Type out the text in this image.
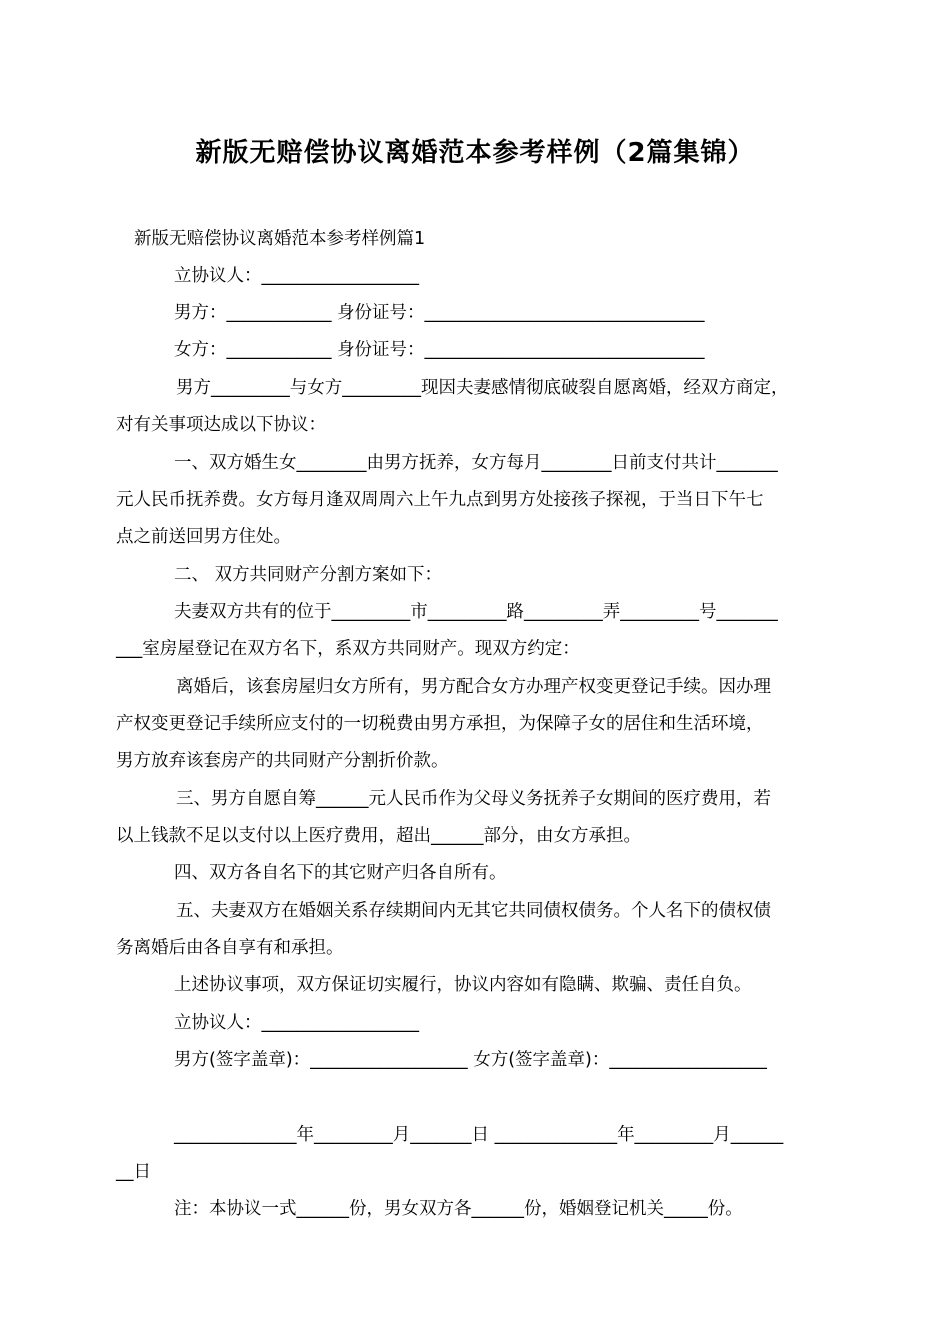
新版无赔偿协议离婚范本参考样例（2篇集锦）
新版无赔偿协议离婚范本参考样例篇1
立协议人：__________________
男方：____________ 身份证号：________________________________
女方：____________ 身份证号：________________________________
男方_________与女方_________现因夫妻感情彻底破裂自愿离婚，经双方商定，
对有关事项达成以下协议：
一、双方婚生女________由男方抚养，女方每月________日前支付共计_______
元人民币抚养费。女方每月逢双周周六上午九点到男方处接孩子探视，于当日下午七
点之前送回男方住处。
二、 双方共同财产分割方案如下：
夫妻双方共有的位于_________市_________路_________弄_________号_______
___室房屋登记在双方名下，系双方共同财产。现双方约定：
离婚后，该套房屋归女方所有，男方配合女方办理产权变更登记手续。因办理
产权变更登记手续所应支付的一切税费由男方承担，为保障子女的居住和生活环境，
男方放弃该套房产的共同财产分割折价款。
三、男方自愿自筹______元人民币作为父母义务抚养子女期间的医疗费用，若
以上钱款不足以支付以上医疗费用，超出______部分，由女方承担。
四、双方各自名下的其它财产归各自所有。
五、夫妻双方在婚姻关系存续期间内无其它共同债权债务。个人名下的债权债
务离婚后由各自享有和承担。
上述协议事项，双方保证切实履行，协议内容如有隐瞒、欺骗、责任自负。
立协议人：__________________
男方(签字盖章)：__________________ 女方(签字盖章)：__________________
______________年_________月_______日 ______________年_________月______
__日
注：本协议一式______份，男女双方各______份，婚姻登记机关_____份。
